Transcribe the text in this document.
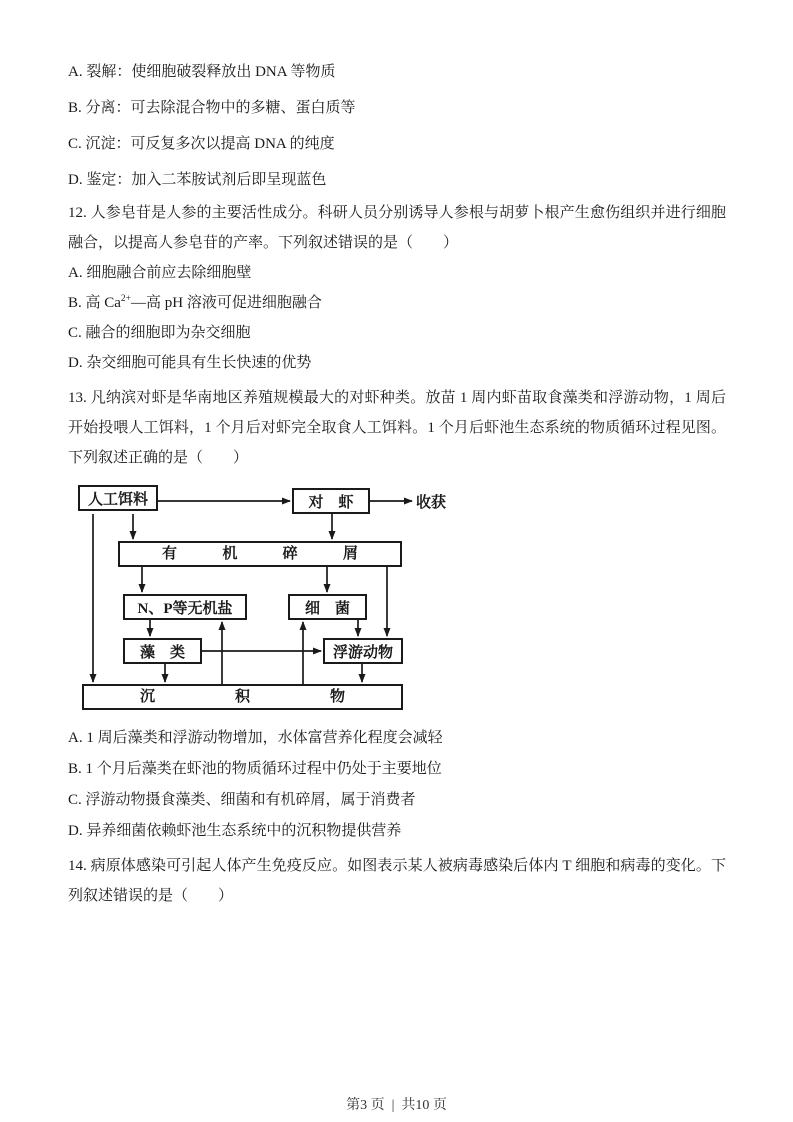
A. 裂解：使细胞破裂释放出 DNA 等物质

B. 分离：可去除混合物中的多糖、蛋白质等

C. 沉淀：可反复多次以提高 DNA 的纯度

D. 鉴定：加入二苯胺试剂后即呈现蓝色

12. 人参皂苷是人参的主要活性成分。科研人员分别诱导人参根与胡萝卜根产生愈伤组织并进行细胞融合，以提高人参皂苷的产率。下列叙述错误的是（　　）

A. 细胞融合前应去除细胞壁

B. 高 $Ca^{2+}—$高 pH 溶液可促进细胞融合

C. 融合的细胞即为杂交细胞

D. 杂交细胞可能具有生长快速的优势

13. 凡纳滨对虾是华南地区养殖规模最大的对虾种类。放苗 1 周内虾苗取食藻类和浮游动物，1 周后开始投喂人工饵料，1 个月后对虾完全取食人工饵料。1 个月后虾池生态系统的物质循环过程见图。下列叙述正确的是（　　）

人工饵料	对　虾	收获
有机碎屑
N、P等无机盐	细　菌
藻　类	浮游动物
沉积物

A. 1 周后藻类和浮游动物增加，水体富营养化程度会减轻

B. 1 个月后藻类在虾池的物质循环过程中仍处于主要地位

C. 浮游动物摄食藻类、细菌和有机碎屑，属于消费者

D. 异养细菌依赖虾池生态系统中的沉积物提供营养

14. 病原体感染可引起人体产生免疫反应。如图表示某人被病毒感染后体内 T 细胞和病毒的变化。下列叙述错误的是（　　）

第3 页 | 共10 页
